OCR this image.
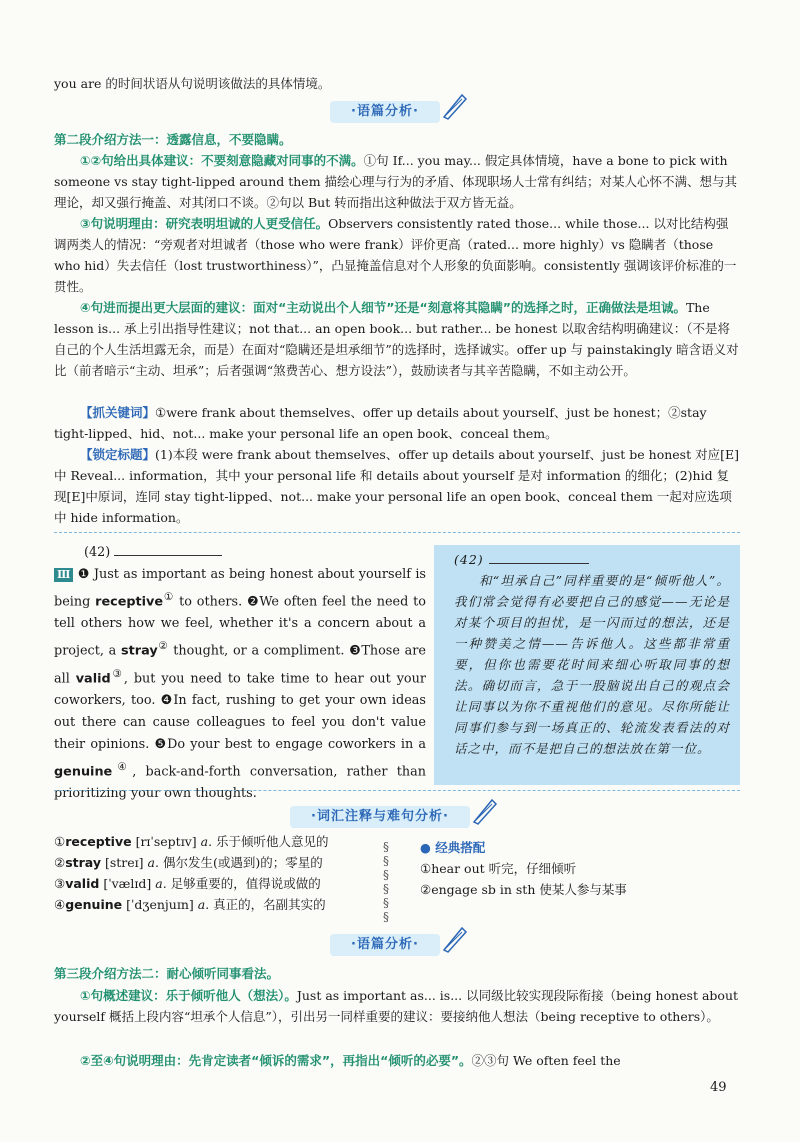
you are 的时间状语从句说明该做法的具体情境。

·语篇分析·

第二段介绍方法一：透露信息，不要隐瞒。

①②句给出具体建议：不要刻意隐藏对同事的不满。①句 If... you may... 假定具体情境，have a bone to pick with someone vs stay tight-lipped around them 描绘心理与行为的矛盾、体现职场人士常有纠结；对某人心怀不满、想与其理论，却又强行掩盖、对其闭口不谈。②句以 But 转而指出这种做法于双方皆无益。

③句说明理由：研究表明坦诚的人更受信任。Observers consistently rated those... while those... 以对比结构强调两类人的情况：“旁观者对坦诚者（those who were frank）评价更高（rated... more highly）vs 隐瞒者（those who hid）失去信任（lost trustworthiness）”，凸显掩盖信息对个人形象的负面影响。consistently 强调该评价标准的一贯性。

④句进而提出更大层面的建议：面对“主动说出个人细节”还是“刻意将其隐瞒”的选择之时，正确做法是坦诚。The lesson is... 承上引出指导性建议；not that... an open book... but rather... be honest 以取舍结构明确建议：（不是将自己的个人生活坦露无余，而是）在面对“隐瞒还是坦承细节”的选择时，选择诚实。offer up 与 painstakingly 暗含语义对比（前者暗示“主动、坦承”；后者强调“煞费苦心、想方设法”），鼓励读者与其辛苦隐瞒，不如主动公开。

【抓关键词】①were frank about themselves、offer up details about yourself、just be honest；②stay tight-lipped、hid、not... make your personal life an open book、conceal them。

【锁定标题】(1)本段 were frank about themselves、offer up details about yourself、just be honest 对应[E]中 Reveal... information，其中 your personal life 和 details about yourself 是对 information 的细化；(2)hid 复现[E]中原词，连同 stay tight-lipped、not... make your personal life an open book、conceal them 一起对应选项中 hide information。

(42)

Ⅲ ❶ Just as important as being honest about yourself is being receptive① to others. ❷We often feel the need to tell others how we feel, whether it's a concern about a project, a stray② thought, or a compliment. ❸Those are all valid③, but you need to take time to hear out your coworkers, too. ❹In fact, rushing to get your own ideas out there can cause colleagues to feel you don't value their opinions. ❺Do your best to engage coworkers in a genuine④, back-and-forth conversation, rather than prioritizing your own thoughts.

(42)
和“坦承自己”同样重要的是“倾听他人”。我们常会觉得有必要把自己的感觉——无论是对某个项目的担忧，是一闪而过的想法，还是一种赞美之情——告诉他人。这些都非常重要，但你也需要花时间来细心听取同事的想法。确切而言，急于一股脑说出自己的观点会让同事以为你不重视他们的意见。尽你所能让同事们参与到一场真正的、轮流发表看法的对话之中，而不是把自己的想法放在第一位。
·词汇注释与难句分析·
①receptive [rɪˈseptɪv] a. 乐于倾听他人意见的
②stray [streɪ] a. 偶尔发生(或遇到)的；零星的
③valid [ˈvælɪd] a. 足够重要的，值得说或做的
④genuine [ˈdʒenjuɪn] a. 真正的，名副其实的
§
§
§
§
§
§
● 经典搭配
①hear out 听完，仔细倾听
②engage sb in sth 使某人参与某事
·语篇分析·

第三段介绍方法二：耐心倾听同事看法。

①句概述建议：乐于倾听他人（想法）。Just as important as... is... 以同级比较实现段际衔接（being honest about yourself 概括上段内容“坦承个人信息”），引出另一同样重要的建议：要接纳他人想法（being receptive to others）。

②至④句说明理由：先肯定读者“倾诉的需求”，再指出“倾听的必要”。②③句 We often feel the

49
